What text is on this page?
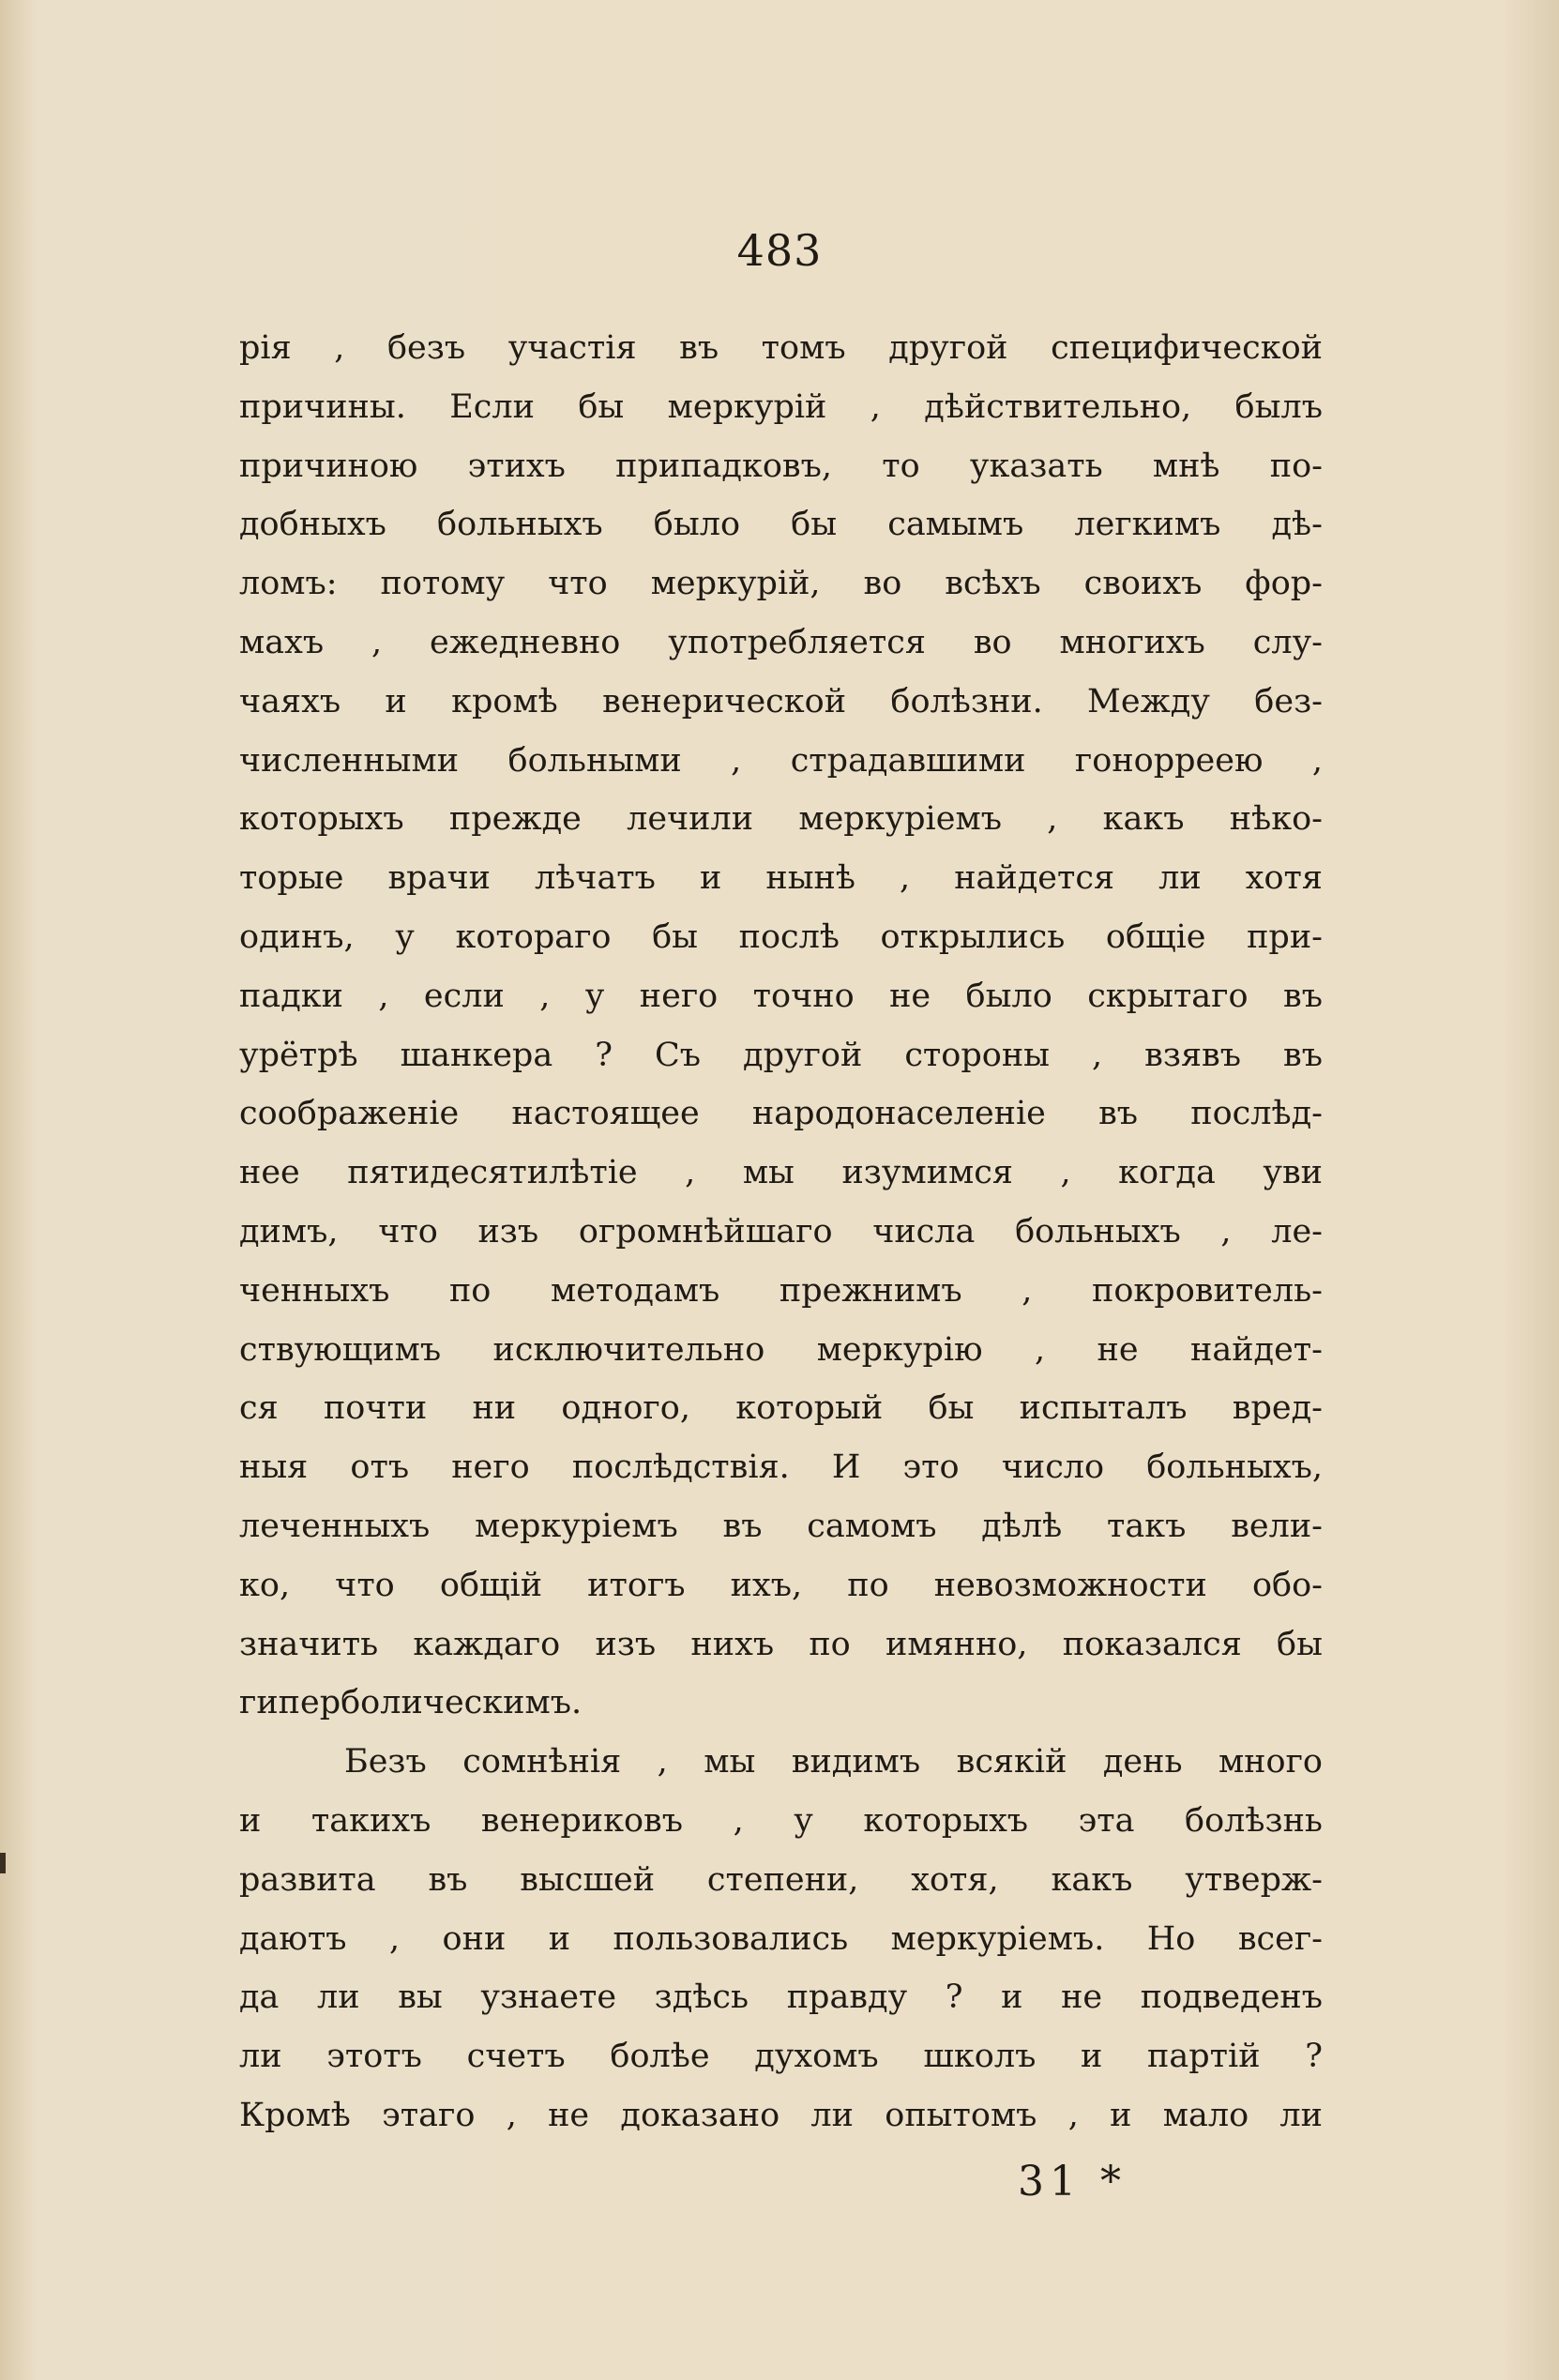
483
рія , безъ участія въ томъ другой специфической
причины. Если бы меркурій , дѣйствительно, былъ
причиною этихъ припадковъ, то указать мнѣ по-
добныхъ больныхъ было бы самымъ легкимъ дѣ-
ломъ: потому что меркурій, во всѣхъ своихъ фор-
махъ , ежедневно употребляется во многихъ слу-
чаяхъ и кромѣ венерической болѣзни. Между без-
численными больными , страдавшими гонорреею ,
которыхъ прежде лечили меркуріемъ , какъ нѣко-
торые врачи лѣчатъ и нынѣ , найдется ли хотя
одинъ, у котораго бы послѣ открылись общіе при-
падки , если , у него точно не было скрытаго въ
урётрѣ шанкера ? Съ другой стороны , взявъ въ
соображеніе настоящее народонаселеніе въ послѣд-
нее пятидесятилѣтіе , мы изумимся , когда уви
димъ, что изъ огромнѣйшаго числа больныхъ , ле-
ченныхъ по методамъ прежнимъ , покровитель-
ствующимъ исключительно меркурію , не найдет-
ся почти ни одного, который бы испыталъ вред-
ныя отъ него послѣдствія. И это число больныхъ,
леченныхъ меркуріемъ въ самомъ дѣлѣ такъ вели-
ко, что общій итогъ ихъ, по невозможности обо-
значить каждаго изъ нихъ по имянно, показался бы
гиперболическимъ.
Безъ сомнѣнія , мы видимъ всякій день много
и такихъ венериковъ , у которыхъ эта болѣзнь
развита въ высшей степени, хотя, какъ утверж-
даютъ , они и пользовались меркуріемъ. Но всег-
да ли вы узнаете здѣсь правду ? и не подведенъ
ли этотъ счетъ болѣе духомъ школъ и партій ?
Кромѣ этаго , не доказано ли опытомъ , и мало ли
31 *
